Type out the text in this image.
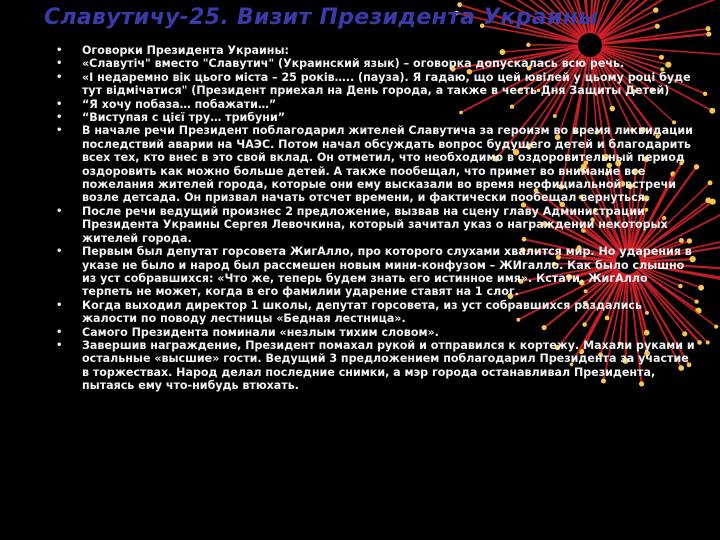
Славутичу-25. Визит Президента Украины
• Оговорки Президента Украины:
• «Славутіч" вместо "Славутич" (Украинский язык) – оговорка допускалась всю речь.
• «І недаремно вік цього міста – 25 років….. (пауза). Я гадаю, що цей ювілей у цьому році буде тут відмічатися" (Президент приехал на День города, а также в честь Дня Защиты Детей)
• “Я хочу побаза… побажати…”
• “Виступая с цієї тру… трибуни”
• В начале речи Президент поблагодарил жителей Славутича за героизм во время ликвидации последствий аварии на ЧАЭС. Потом начал обсуждать вопрос будущего детей и благодарить всех тех, кто внес в это свой вклад. Он отметил, что необходимо в оздоровительный период оздоровить как можно больше детей. А также пообещал, что примет во внимание все пожелания жителей города, которые они ему высказали во время неофициальной встречи возле детсада. Он призвал начать отсчет времени, и фактически пообещал вернуться.
• После речи ведущий произнес 2 предложение, вызвав на сцену главу Администрации Президента Украины Сергея Левочкина, который зачитал указ о награждении некоторых жителей города.
• Первым был депутат горсовета ЖигАлло, про которого слухами хвалится мир. Но ударения в указе не было и народ был рассмешен новым мини-конфузом – ЖИгалло. Как было слышно из уст собравшихся: «Что же, теперь будем знать его истинное имя». Кстати, ЖигАлло терпеть не может, когда в его фамилии ударение ставят на 1 слог.
• Когда выходил директор 1 школы, депутат горсовета, из уст собравшихся раздались жалости по поводу лестницы «Бедная лестница».
• Самого Президента поминали «незлым тихим словом».
• Завершив награждение, Президент помахал рукой и отправился к кортежу. Махали руками и остальные «высшие» гости. Ведущий 3 предложением поблагодарил Президента за участие в торжествах. Народ делал последние снимки, а мэр города останавливал Президента, пытаясь ему что-нибудь втюхать.
